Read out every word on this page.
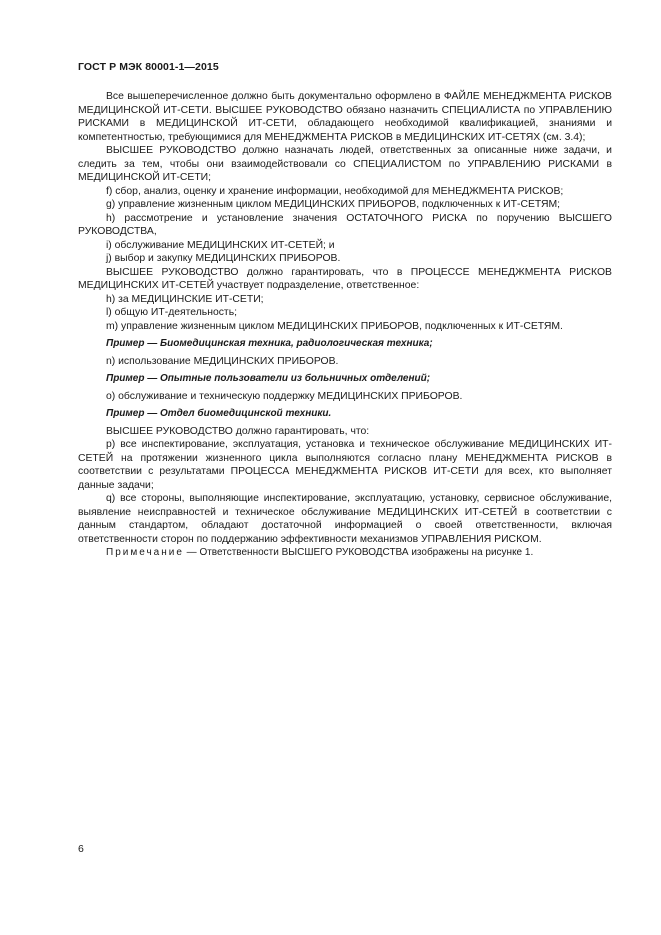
ГОСТ Р МЭК 80001-1—2015

Все вышеперечисленное должно быть документально оформлено в ФАЙЛЕ МЕНЕДЖМЕНТА РИСКОВ МЕДИЦИНСКОЙ ИТ-СЕТИ. ВЫСШЕЕ РУКОВОДСТВО обязано назначить СПЕЦИАЛИСТА по УПРАВЛЕНИЮ РИСКАМИ в МЕДИЦИНСКОЙ ИТ-СЕТИ, обладающего необходимой квалификацией, знаниями и компетентностью, требующимися для МЕНЕДЖМЕНТА РИСКОВ в МЕДИЦИНСКИХ ИТ-СЕТЯХ (см. 3.4);

ВЫСШЕЕ РУКОВОДСТВО должно назначать людей, ответственных за описанные ниже задачи, и следить за тем, чтобы они взаимодействовали со СПЕЦИАЛИСТОМ по УПРАВЛЕНИЮ РИСКАМИ в МЕДИЦИНСКОЙ ИТ-СЕТИ;

f) сбор, анализ, оценку и хранение информации, необходимой для МЕНЕДЖМЕНТА РИСКОВ;

g) управление жизненным циклом МЕДИЦИНСКИХ ПРИБОРОВ, подключенных к ИТ-СЕТЯМ;

h) рассмотрение и установление значения ОСТАТОЧНОГО РИСКА по поручению ВЫСШЕГО РУКОВОДСТВА,

i) обслуживание МЕДИЦИНСКИХ ИТ-СЕТЕЙ; и

j) выбор и закупку МЕДИЦИНСКИХ ПРИБОРОВ.

ВЫСШЕЕ РУКОВОДСТВО должно гарантировать, что в ПРОЦЕССЕ МЕНЕДЖМЕНТА РИСКОВ МЕДИЦИНСКИХ ИТ-СЕТЕЙ участвует подразделение, ответственное:

h) за МЕДИЦИНСКИЕ ИТ-СЕТИ;

l) общую ИТ-деятельность;

m) управление жизненным циклом МЕДИЦИНСКИХ ПРИБОРОВ, подключенных к ИТ-СЕТЯМ.

Пример — Биомедицинская техника, радиологическая техника;

n) использование МЕДИЦИНСКИХ ПРИБОРОВ.

Пример — Опытные пользователи из больничных отделений;

o) обслуживание и техническую поддержку МЕДИЦИНСКИХ ПРИБОРОВ.

Пример — Отдел биомедицинской техники.

ВЫСШЕЕ РУКОВОДСТВО должно гарантировать, что:

p) все инспектирование, эксплуатация, установка и техническое обслуживание МЕДИЦИНСКИХ ИТ-СЕТЕЙ на протяжении жизненного цикла выполняются согласно плану МЕНЕДЖМЕНТА РИСКОВ в соответствии с результатами ПРОЦЕССА МЕНЕДЖМЕНТА РИСКОВ ИТ-СЕТИ для всех, кто выполняет данные задачи;

q) все стороны, выполняющие инспектирование, эксплуатацию, установку, сервисное обслуживание, выявление неисправностей и техническое обслуживание МЕДИЦИНСКИХ ИТ-СЕТЕЙ в соответствии с данным стандартом, обладают достаточной информацией о своей ответственности, включая ответственности сторон по поддержанию эффективности механизмов УПРАВЛЕНИЯ РИСКОМ.

Примечание — Ответственности ВЫСШЕГО РУКОВОДСТВА изображены на рисунке 1.

6
